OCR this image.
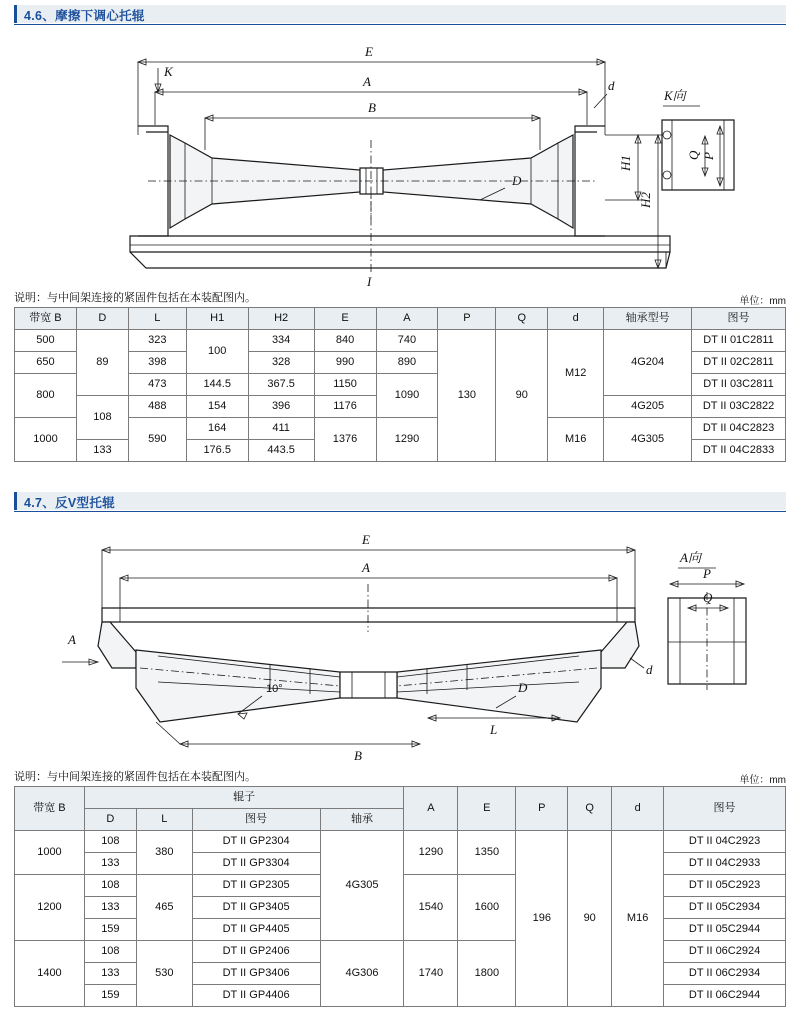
4.6、摩擦下调心托辊
E
A
K
d
B
D
I
H1
H2
K向
P
Q
说明：与中间架连接的紧固件包括在本装配图内。	单位：mm
带宽 B	D	L	H1	H2	E	A	P	Q	d	轴承型号	图号
500	89	323	100	334	840	740	130	90	M12	4G204	DT II 01C2811
650		398		328	990	890					DT II 02C2811
800		473	144.5	367.5	1150	1090					DT II 03C2811
	108	488	154	396	1176					4G205	DT II 03C2822
1000		590	164	411	1376	1290			M16	4G305	DT II 04C2823
	133		176.5	443.5							DT II 04C2833
4.7、反V型托辊
E
A
10°	D
A
L
B
d
A向
P
Q
说明：与中间架连接的紧固件包括在本装配图内。	单位：mm
带宽 B	辊子				A	E	P	Q	d	图号
	D	L	图号	轴承						
1000	108	380	DT II GP2304	4G305	1290	1350	196	90	M16	DT II 04C2923
	133		DT II GP3304							DT II 04C2933
1200	108	465	DT II GP2305		1540	1600				DT II 05C2923
	133		DT II GP3405							DT II 05C2934
	159		DT II GP4405							DT II 05C2944
1400	108	530	DT II GP2406	4G306	1740	1800				DT II 06C2924
	133		DT II GP3406							DT II 06C2934
	159		DT II GP4406							DT II 06C2944
